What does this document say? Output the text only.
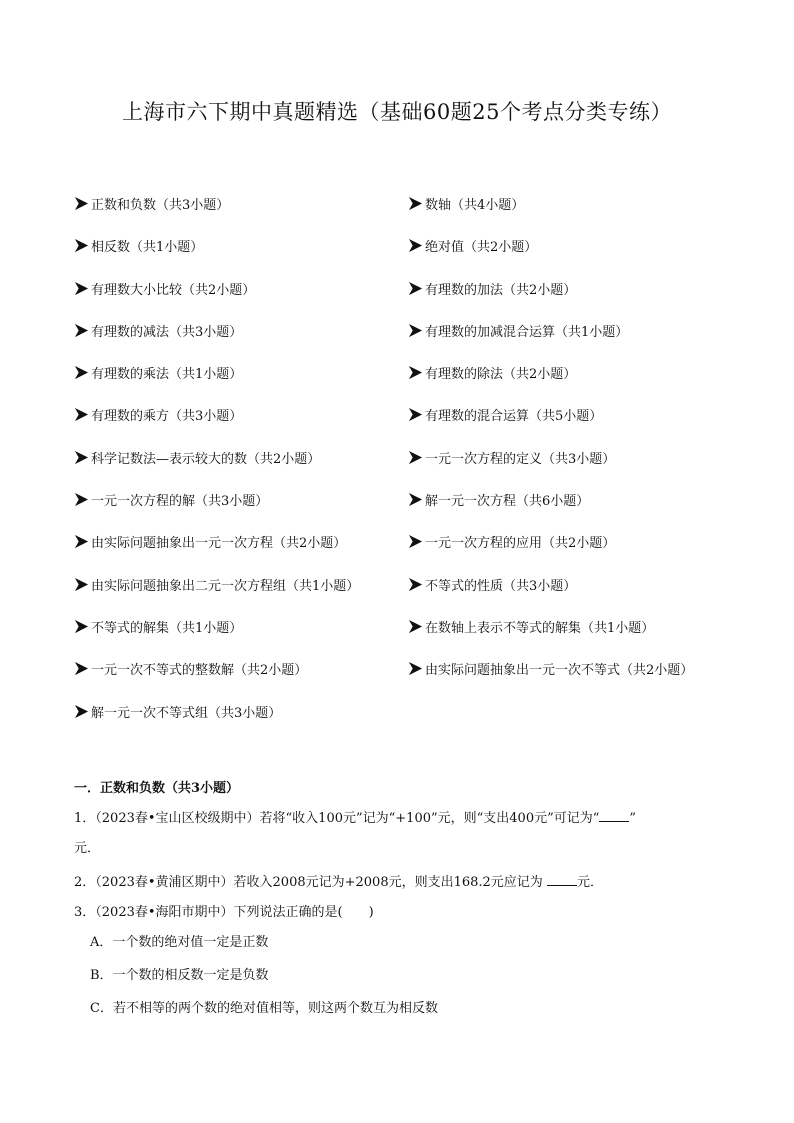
上海市六下期中真题精选（基础60题25个考点分类专练）
正数和负数（共3小题）	数轴（共4小题）
相反数（共1小题）	绝对值（共2小题）
有理数大小比较（共2小题）	有理数的加法（共2小题）
有理数的减法（共3小题）	有理数的加减混合运算（共1小题）
有理数的乘法（共1小题）	有理数的除法（共2小题）
有理数的乘方（共3小题）	有理数的混合运算（共5小题）
科学记数法—表示较大的数（共2小题）	一元一次方程的定义（共3小题）
一元一次方程的解（共3小题）	解一元一次方程（共6小题）
由实际问题抽象出一元一次方程（共2小题）	一元一次方程的应用（共2小题）
由实际问题抽象出二元一次方程组（共1小题）	不等式的性质（共3小题）
不等式的解集（共1小题）	在数轴上表示不等式的解集（共1小题）
一元一次不等式的整数解（共2小题）	由实际问题抽象出一元一次不等式（共2小题）
解一元一次不等式组（共3小题）
一．正数和负数（共3小题）
1．（2023春•宝山区校级期中）若将“收入100元”记为“+100”元，则“支出400元”可记为“ ”
元．
2．（2023春•黄浦区期中）若收入2008元记为+2008元，则支出168.2元应记为 元．
3．（2023春•海阳市期中）下列说法正确的是(　　)
A．一个数的绝对值一定是正数
B．一个数的相反数一定是负数
C．若不相等的两个数的绝对值相等，则这两个数互为相反数
